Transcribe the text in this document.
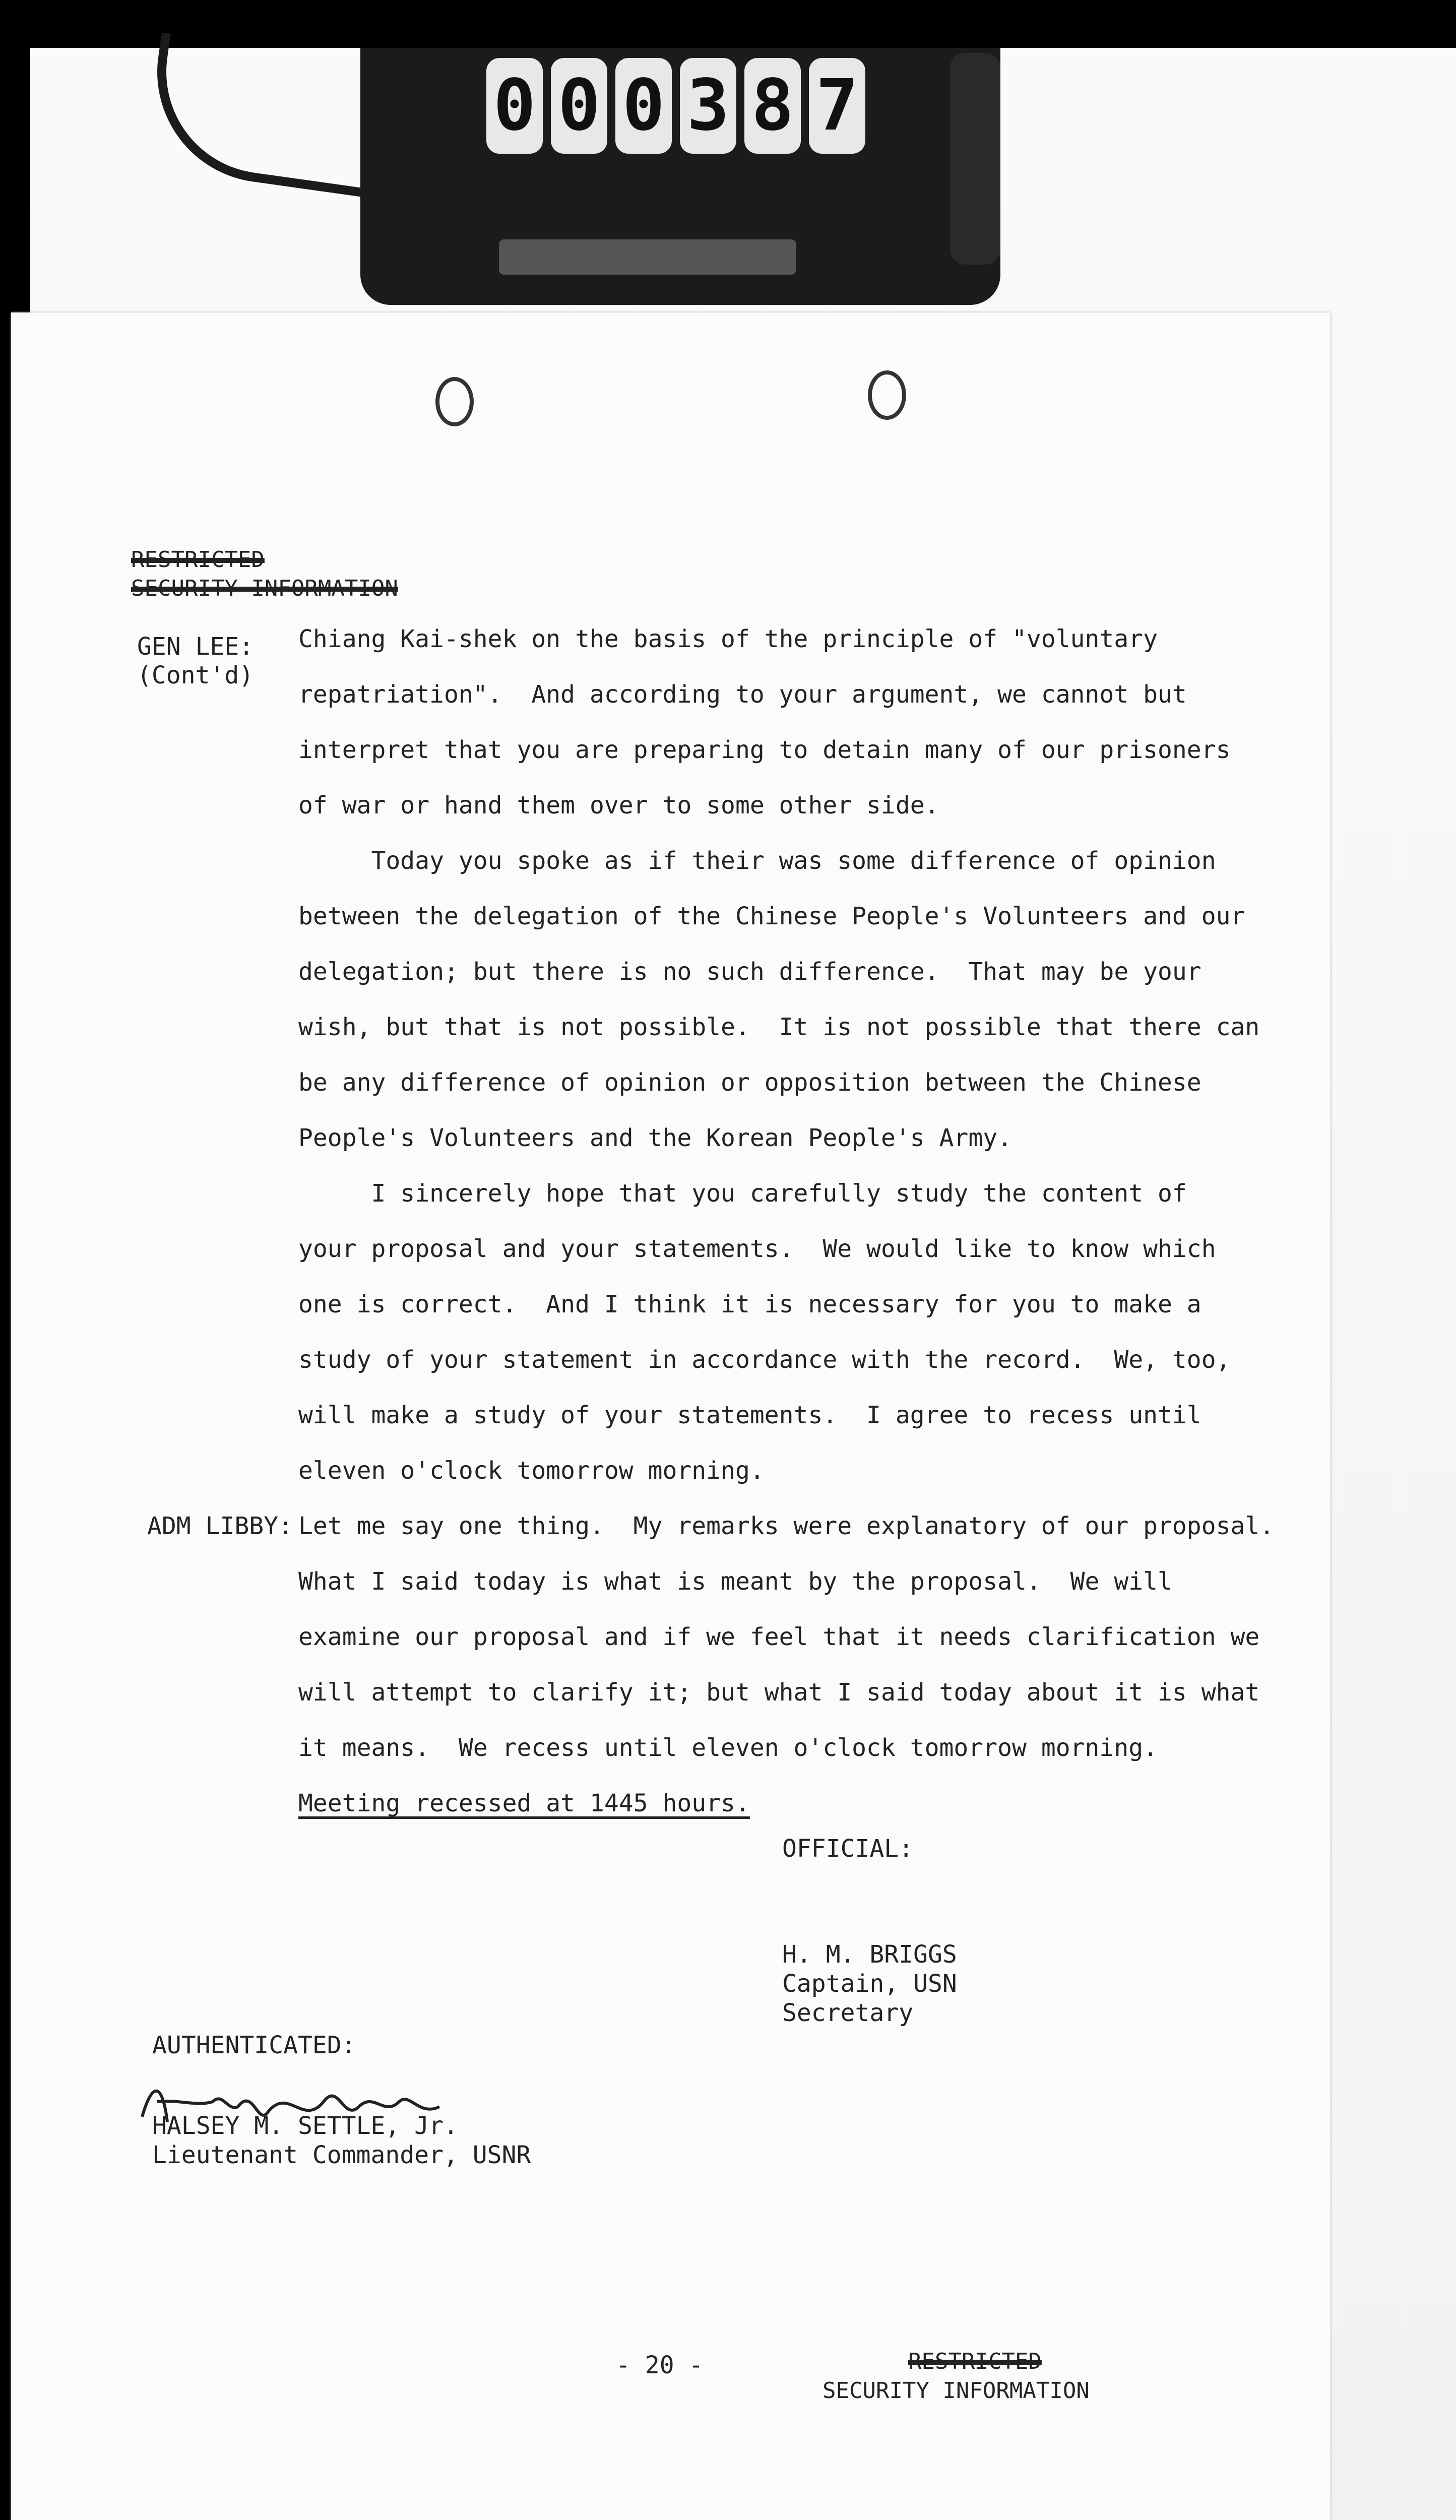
0 0 0 3 8 7
RESTRICTED
SECURITY INFORMATION
GEN LEE:
(Cont'd)
Chiang Kai-shek on the basis of the principle of "voluntary
repatriation".  And according to your argument, we cannot but
interpret that you are preparing to detain many of our prisoners
of war or hand them over to some other side.
Today you spoke as if their was some difference of opinion
between the delegation of the Chinese People's Volunteers and our
delegation; but there is no such difference.  That may be your
wish, but that is not possible.  It is not possible that there can
be any difference of opinion or opposition between the Chinese
People's Volunteers and the Korean People's Army.
I sincerely hope that you carefully study the content of
your proposal and your statements.  We would like to know which
one is correct.  And I think it is necessary for you to make a
study of your statement in accordance with the record.  We, too,
will make a study of your statements.  I agree to recess until
eleven o'clock tomorrow morning.
ADM LIBBY: Let me say one thing.  My remarks were explanatory of our proposal.
What I said today is what is meant by the proposal.  We will
examine our proposal and if we feel that it needs clarification we
will attempt to clarify it; but what I said today about it is what
it means.  We recess until eleven o'clock tomorrow morning.
Meeting recessed at 1445 hours.
OFFICIAL:
H. M. BRIGGS
Captain, USN
Secretary
AUTHENTICATED:
Halsey M. Settle, Jr.
HALSEY M. SETTLE, Jr.
Lieutenant Commander, USNR
- 20 -	RESTRICTED
SECURITY INFORMATION
